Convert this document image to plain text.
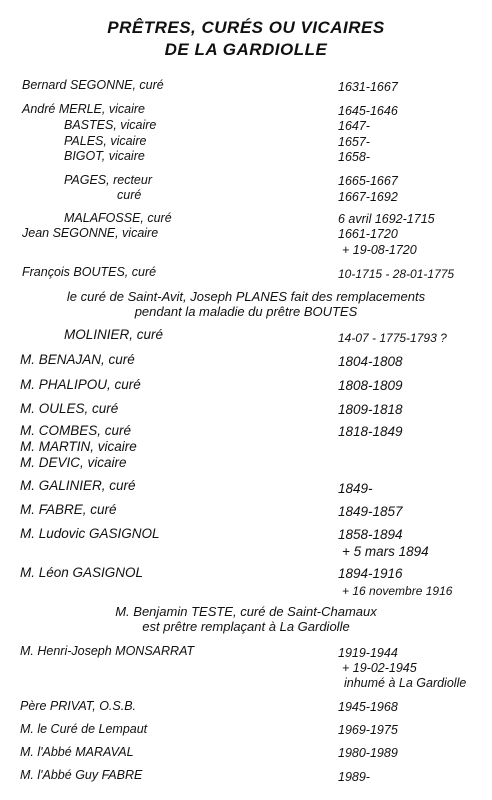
PRÊTRES, CURÉS OU VICAIRES
DE LA GARDIOLLE
Bernard SEGONNE, curé	1631-1667
André MERLE, vicaire	1645-1646
BASTES, vicaire	1647-
PALES, vicaire	1657-
BIGOT, vicaire	1658-
PAGES, recteur	1665-1667
curé	1667-1692
MALAFOSSE, curé	6 avril 1692-1715
Jean SEGONNE, vicaire	1661-1720
+ 19-08-1720
François BOUTES, curé	10-1715 - 28-01-1775
le curé de Saint-Avit, Joseph PLANES fait des remplacements
pendant la maladie du prêtre BOUTES
MOLINIER, curé	14-07 - 1775-1793 ?
M. BENAJAN, curé	1804-1808
M. PHALIPOU, curé	1808-1809
M. OULES, curé	1809-1818
M. COMBES, curé	1818-1849
M. MARTIN, vicaire
M. DEVIC, vicaire
M. GALINIER, curé	1849-
M. FABRE, curé	1849-1857
M. Ludovic GASIGNOL	1858-1894
+ 5 mars 1894
M. Léon GASIGNOL	1894-1916
+ 16 novembre 1916
M. Benjamin TESTE, curé de Saint-Chamaux
est prêtre remplaçant à La Gardiolle
M. Henri-Joseph MONSARRAT	1919-1944
+ 19-02-1945
inhumé à La Gardiolle
Père PRIVAT, O.S.B.	1945-1968
M. le Curé de Lempaut	1969-1975
M. l'Abbé MARAVAL	1980-1989
M. l'Abbé Guy FABRE	1989-
